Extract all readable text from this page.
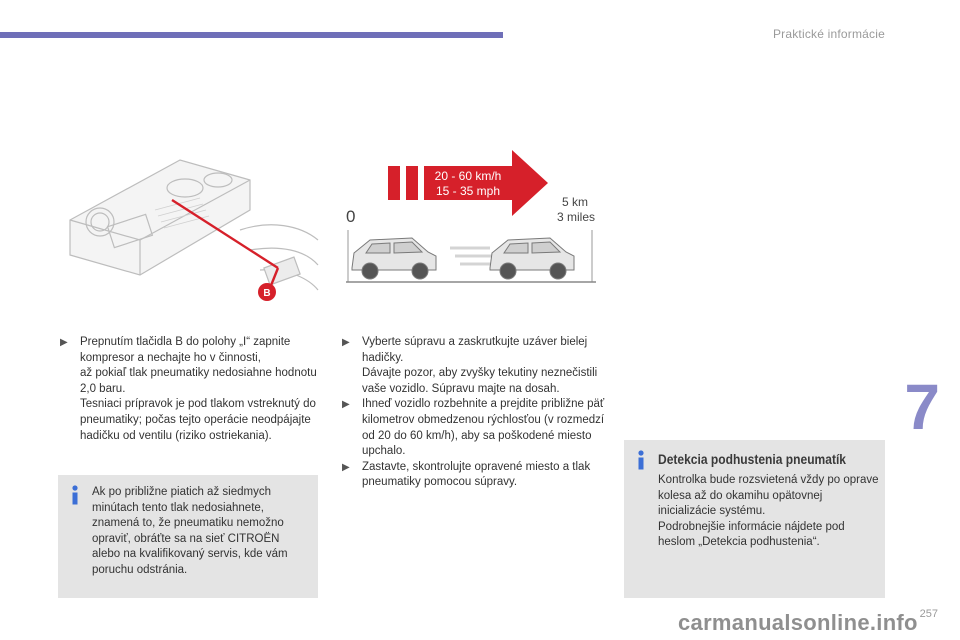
Praktické informácie
7
B
20 - 60 km/h
15 - 35 mph
0
5 km
3 miles
▶ Prepnutím tlačidla B do polohy „I“ zapnite kompresor a nechajte ho v činnosti,

až pokiaľ tlak pneumatiky nedosiahne hodnotu 2,0 baru.

Tesniaci prípravok je pod tlakom vstreknutý do pneumatiky; počas tejto operácie neodpájajte hadičku od ventilu (riziko ostriekania).

▶ Vyberte súpravu a zaskrutkujte uzáver bielej hadičky.

Dávajte pozor, aby zvyšky tekutiny neznečistili vaše vozidlo. Súpravu majte na dosah.

▶ Ihneď vozidlo rozbehnite a prejdite približne päť kilometrov obmedzenou rýchlosťou (v rozmedzí od 20 do 60 km/h), aby sa poškodené miesto upchalo.

▶ Zastavte, skontrolujte opravené miesto a tlak pneumatiky pomocou súpravy.

Ak po približne piatich až siedmych minútach tento tlak nedosiahnete, znamená to, že pneumatiku nemožno opraviť, obráťte sa na sieť CITROËN alebo na kvalifikovaný servis, kde vám poruchu odstránia.
Detekcia podhustenia pneumatík
Kontrolka bude rozsvietená vždy po oprave kolesa až do okamihu opätovnej inicializácie systému.
Podrobnejšie informácie nájdete pod heslom „Detekcia podhustenia“.
257
carmanualsonline.info
